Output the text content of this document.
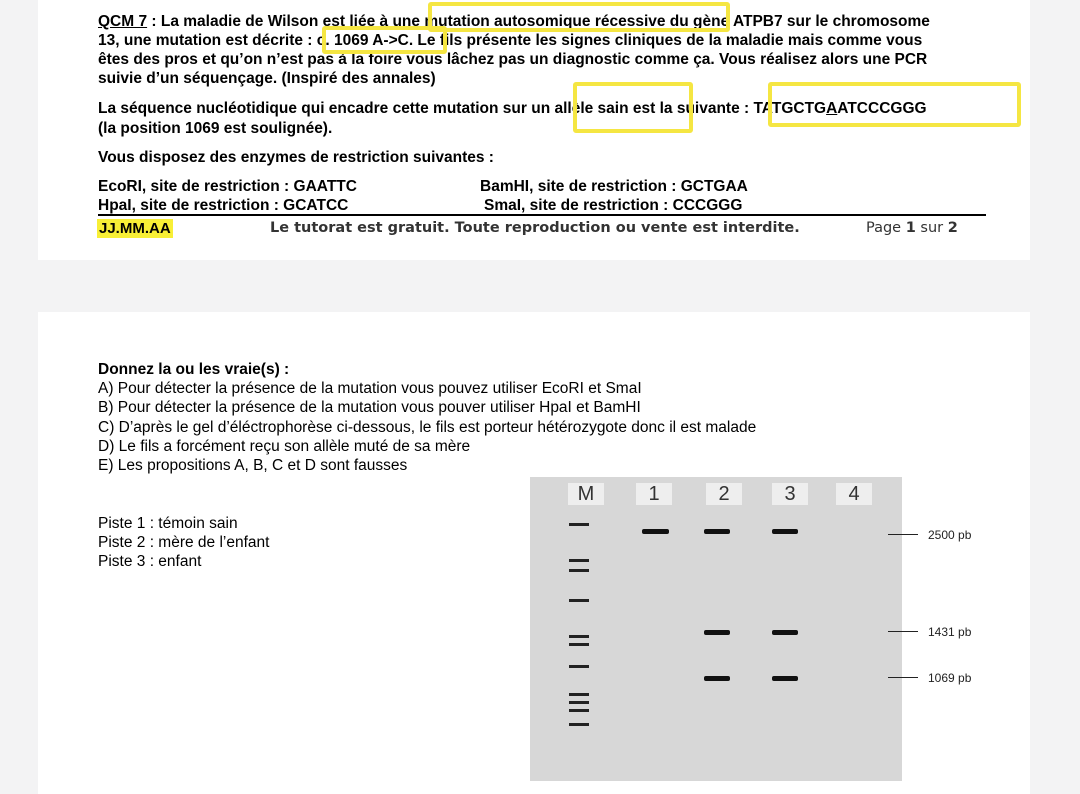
QCM 7 : La maladie de Wilson est liée à une mutation autosomique récessive du gène ATPB7 sur le chromosome
13, une mutation est décrite : c. 1069 A->C. Le fils présente les signes cliniques de la maladie mais comme vous
êtes des pros et qu’on n’est pas à la foire vous lâchez pas un diagnostic comme ça. Vous réalisez alors une PCR
suivie d’un séquençage. (Inspiré des annales)
La séquence nucléotidique qui encadre cette mutation sur un allèle sain est la suivante : TATGCTGAATCCCGGG
(la position 1069 est soulignée).
Vous disposez des enzymes de restriction suivantes :
EcoRI, site de restriction : GAATTC	BamHI, site de restriction : GCTGAA
HpaI, site de restriction : GCATCC	SmaI, site de restriction : CCCGGG
JJ.MM.AA	Le tutorat est gratuit. Toute reproduction ou vente est interdite.	Page 1 sur 2
Donnez la ou les vraie(s) :
A) Pour détecter la présence de la mutation vous pouvez utiliser EcoRI et SmaI
B) Pour détecter la présence de la mutation vous pouver utiliser HpaI et BamHI
C) D’après le gel d’éléctrophorèse ci-dessous, le fils est porteur hétérozygote donc il est malade
D) Le fils a forcément reçu son allèle muté de sa mère
E) Les propositions A, B, C et D sont fausses
Piste 1 : témoin sain
Piste 2 : mère de l’enfant
Piste 3 : enfant
M	1	2	3	4
2500 pb
1431 pb
1069 pb
